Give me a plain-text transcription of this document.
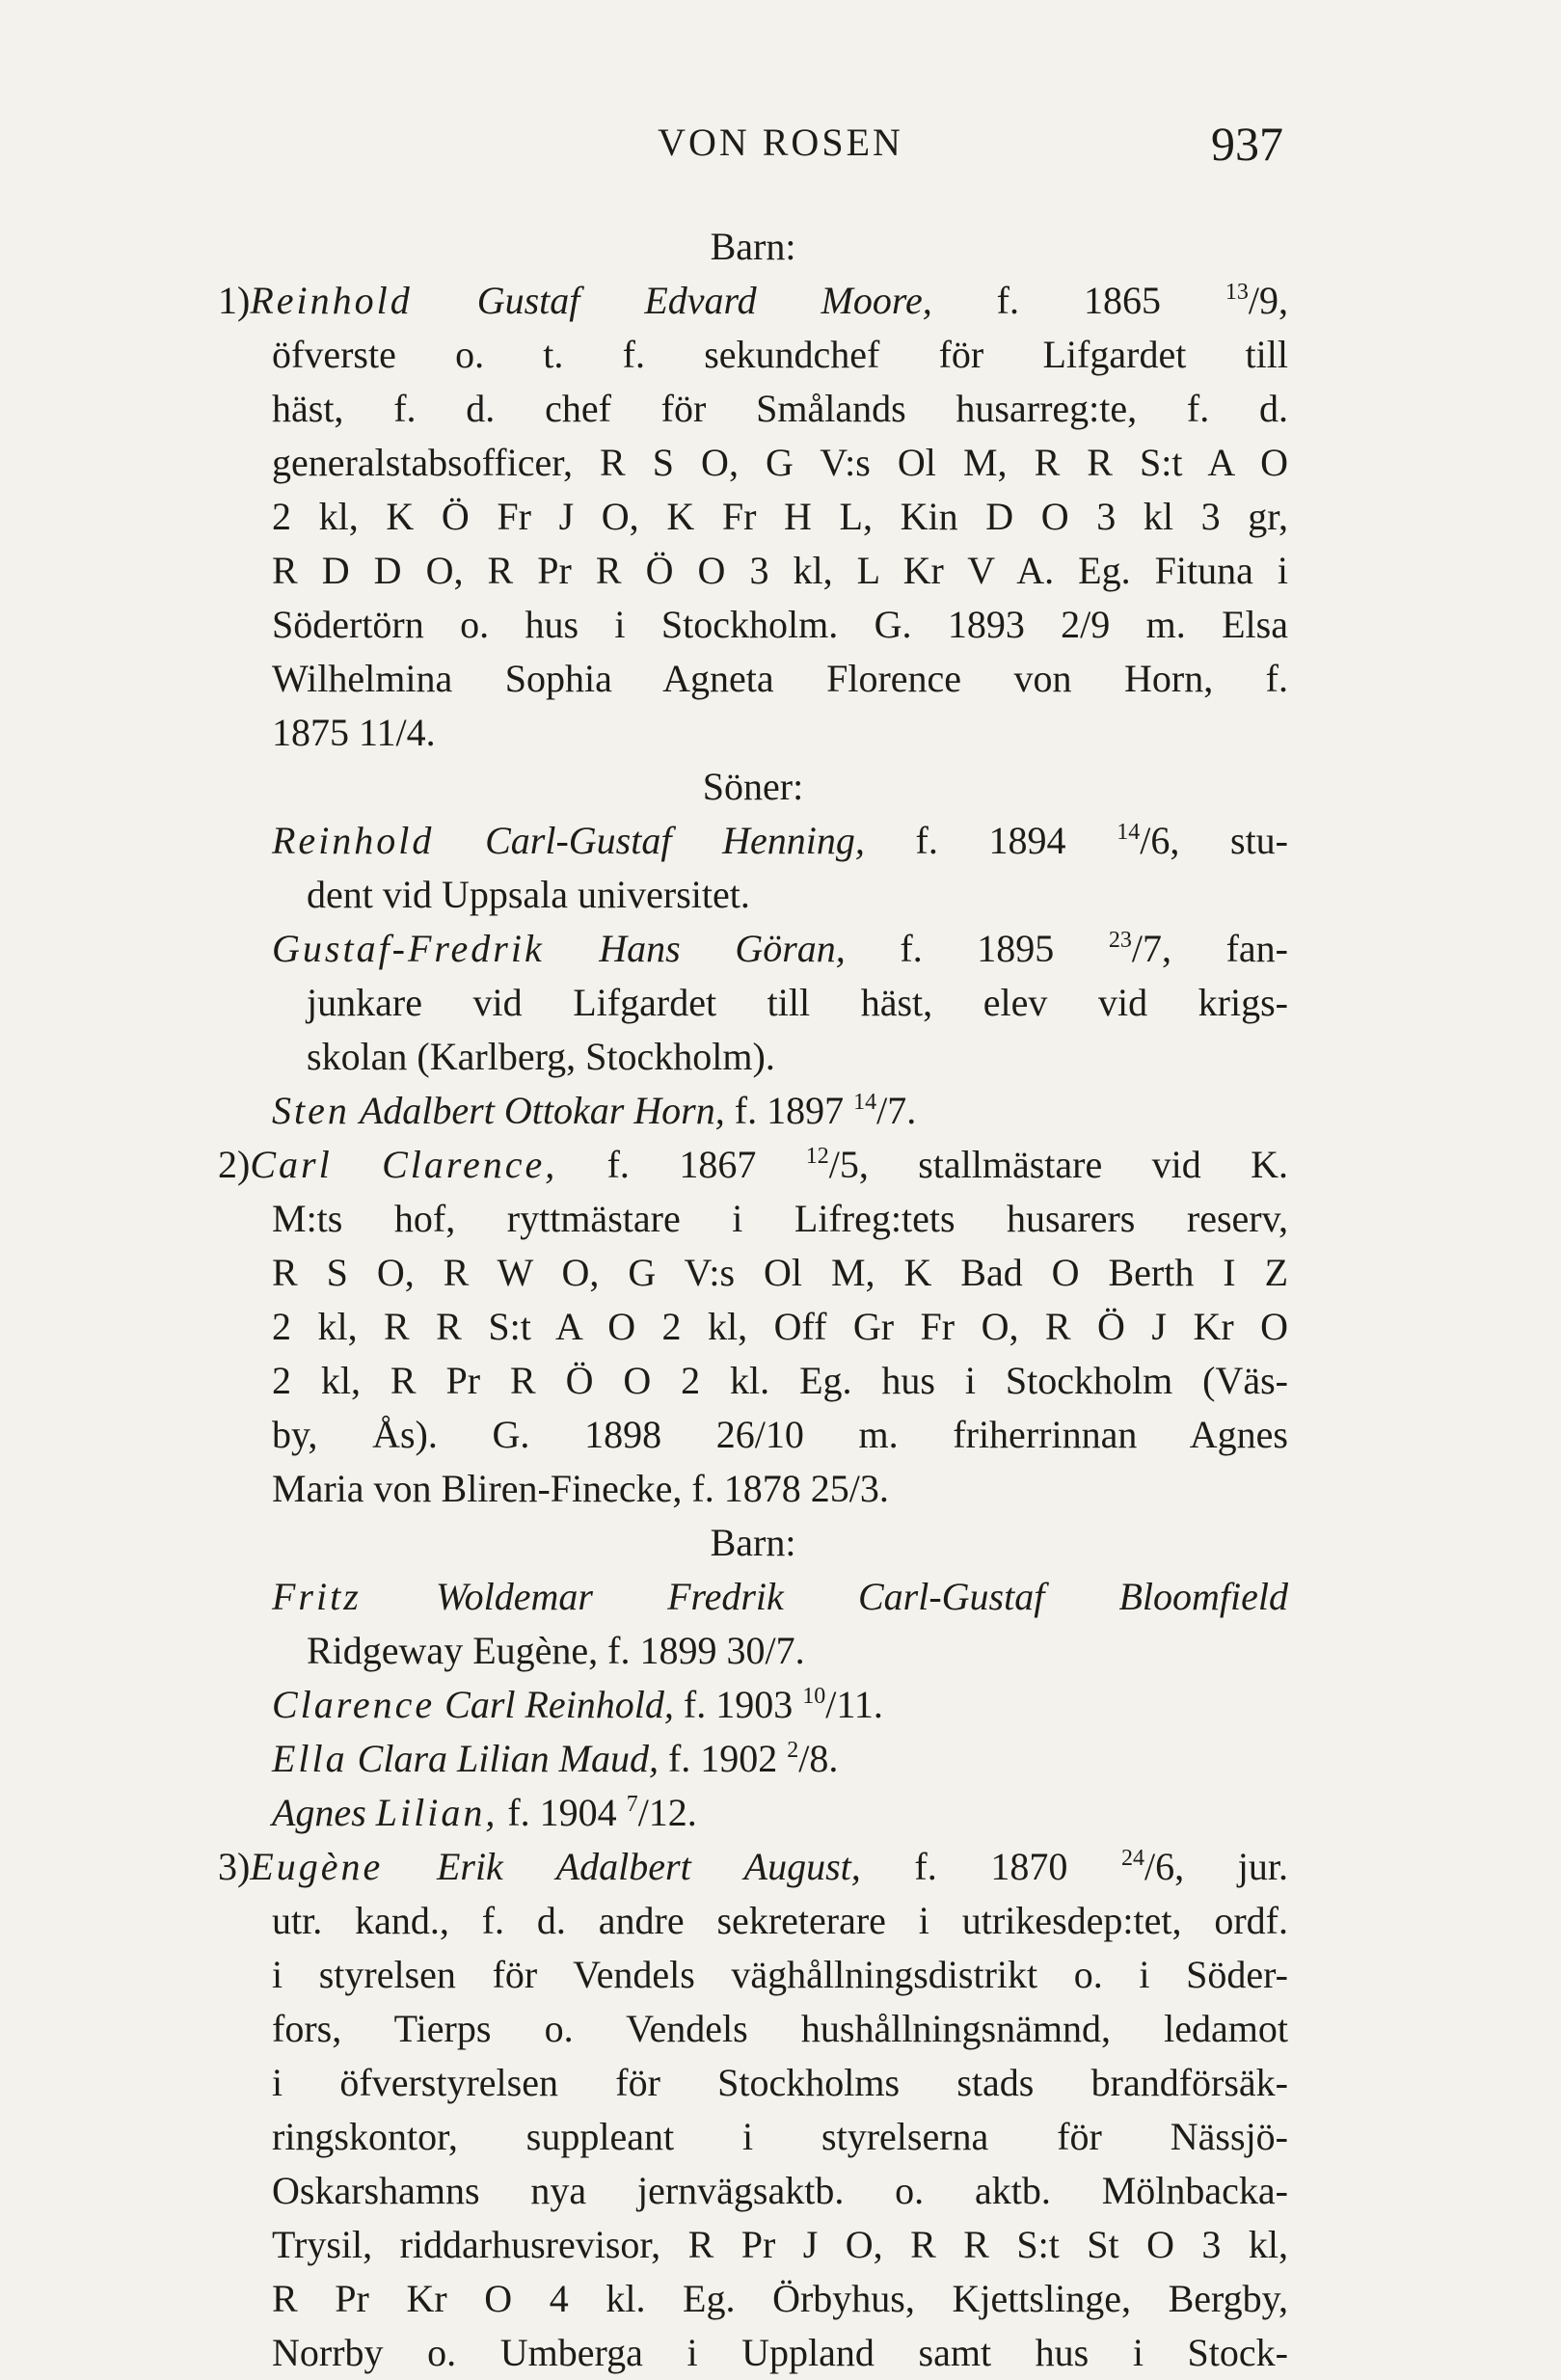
VON ROSEN	937
Barn:
1)Reinhold Gustaf Edvard Moore, f. 1865	$^{13}$/9,
öfverste o. t. f. sekundchef för Lifgardet till
häst, f. d. chef för Smålands husarreg:te, f. d.
generalstabsofficer, R S O, G V:s Ol M, R R S:t A O
2 kl, K Ö Fr J O, K Fr H L, Kin D O 3 kl 3 gr,
R D D O, R Pr R Ö O 3 kl, L Kr V A. Eg. Fituna i
Södertörn o. hus i Stockholm. G. 1893 2/9 m. Elsa
Wilhelmina Sophia Agneta Florence von Horn, f.
1875 11/4.
Söner:
Reinhold Carl-Gustaf Henning, f. 1894 $^{14}$/6, stu-
dent vid Uppsala universitet.
Gustaf-Fredrik Hans Göran, f. 1895 $^{23}$/7, fan-
junkare vid Lifgardet till häst, elev vid krigs-
skolan (Karlberg, Stockholm).
Sten Adalbert Ottokar Horn, f. 1897 $^{14}$/7.
2)Carl Clarence, f. 1867 $^{12}$/5, stallmästare vid K.
M:ts hof, ryttmästare i Lifreg:tets husarers reserv,
R S O, R W O, G V:s Ol M, K Bad O Berth I Z
2 kl, R R S:t A O 2 kl, Off Gr Fr O, R Ö J Kr O
2 kl, R Pr R Ö O 2 kl. Eg. hus i Stockholm (Väs-
by, Ås). G. 1898 26/10 m. friherrinnan Agnes
Maria von Bliren-Finecke, f. 1878 25/3.
Barn:
Fritz Woldemar Fredrik Carl-Gustaf Bloomfield
Ridgeway Eugène, f. 1899 30/7.
Clarence Carl Reinhold, f. 1903 $^{10}$/11.
Ella Clara Lilian Maud, f. 1902 $^2$/8.
Agnes Lilian, f. 1904 $^7$/12.
3)Eugène Erik Adalbert August, f. 1870 $^{24}$/6, jur.
utr. kand., f. d. andre sekreterare i utrikesdep:tet, ordf.
i styrelsen för Vendels väghållningsdistrikt o. i Söder-
fors, Tierps o. Vendels hushållningsnämnd, ledamot
i öfverstyrelsen för Stockholms stads brandförsäk-
ringskontor, suppleant i styrelserna för Nässjö-
Oskarshamns nya jernvägsaktb. o. aktb. Mölnbacka-
Trysil, riddarhusrevisor, R Pr J O, R R S:t St O 3 kl,
R Pr Kr O 4 kl. Eg. Örbyhus, Kjettslinge, Bergby,
Norrby o. Umberga i Uppland samt hus i Stock-
